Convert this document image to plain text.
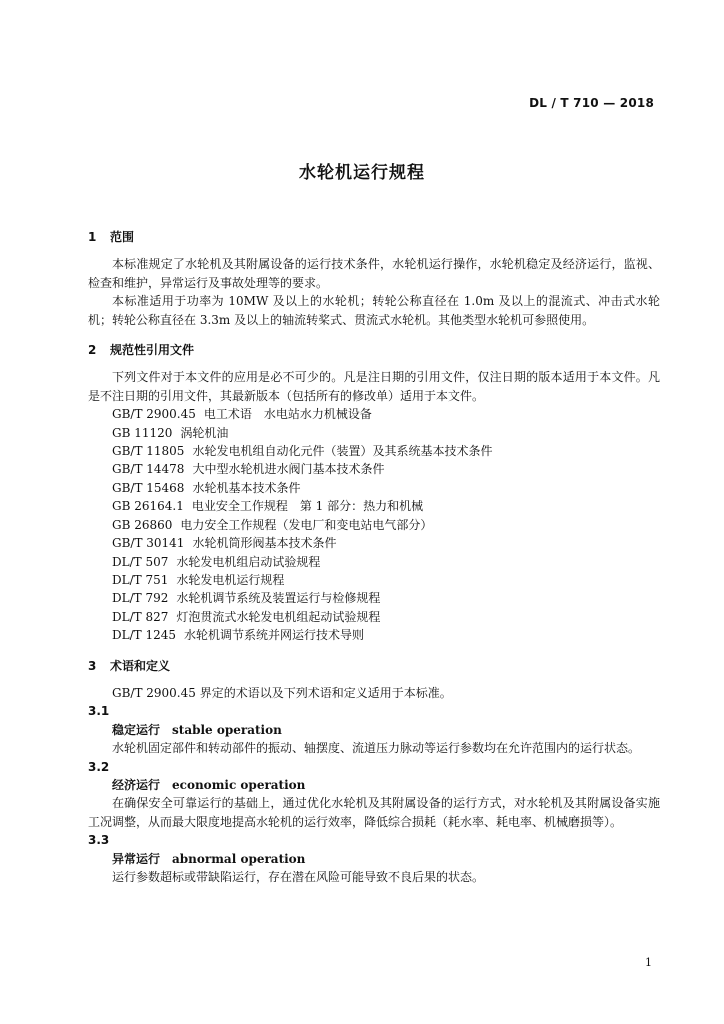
DL / T 710 — 2018
水轮机运行规程

1 范围

本标准规定了水轮机及其附属设备的运行技术条件，水轮机运行操作，水轮机稳定及经济运行，监视、检查和维护，异常运行及事故处理等的要求。

本标准适用于功率为 10MW 及以上的水轮机；转轮公称直径在 1.0m 及以上的混流式、冲击式水轮机；转轮公称直径在 3.3m 及以上的轴流转桨式、贯流式水轮机。其他类型水轮机可参照使用。

2 规范性引用文件

下列文件对于本文件的应用是必不可少的。凡是注日期的引用文件，仅注日期的版本适用于本文件。凡是不注日期的引用文件，其最新版本（包括所有的修改单）适用于本文件。

GB/T 2900.45 电工术语　水电站水力机械设备
GB 11120 涡轮机油
GB/T 11805 水轮发电机组自动化元件（装置）及其系统基本技术条件
GB/T 14478 大中型水轮机进水阀门基本技术条件
GB/T 15468 水轮机基本技术条件
GB 26164.1 电业安全工作规程　第 1 部分：热力和机械
GB 26860 电力安全工作规程（发电厂和变电站电气部分）
GB/T 30141 水轮机筒形阀基本技术条件
DL/T 507 水轮发电机组启动试验规程
DL/T 751 水轮发电机运行规程
DL/T 792 水轮机调节系统及装置运行与检修规程
DL/T 827 灯泡贯流式水轮发电机组起动试验规程
DL/T 1245 水轮机调节系统并网运行技术导则

3 术语和定义

GB/T 2900.45 界定的术语以及下列术语和定义适用于本标准。

3.1

稳定运行 stable operation

水轮机固定部件和转动部件的振动、轴摆度、流道压力脉动等运行参数均在允许范围内的运行状态。

3.2

经济运行 economic operation

在确保安全可靠运行的基础上，通过优化水轮机及其附属设备的运行方式，对水轮机及其附属设备实施工况调整，从而最大限度地提高水轮机的运行效率，降低综合损耗（耗水率、耗电率、机械磨损等）。

3.3

异常运行 abnormal operation

运行参数超标或带缺陷运行，存在潜在风险可能导致不良后果的状态。

1
